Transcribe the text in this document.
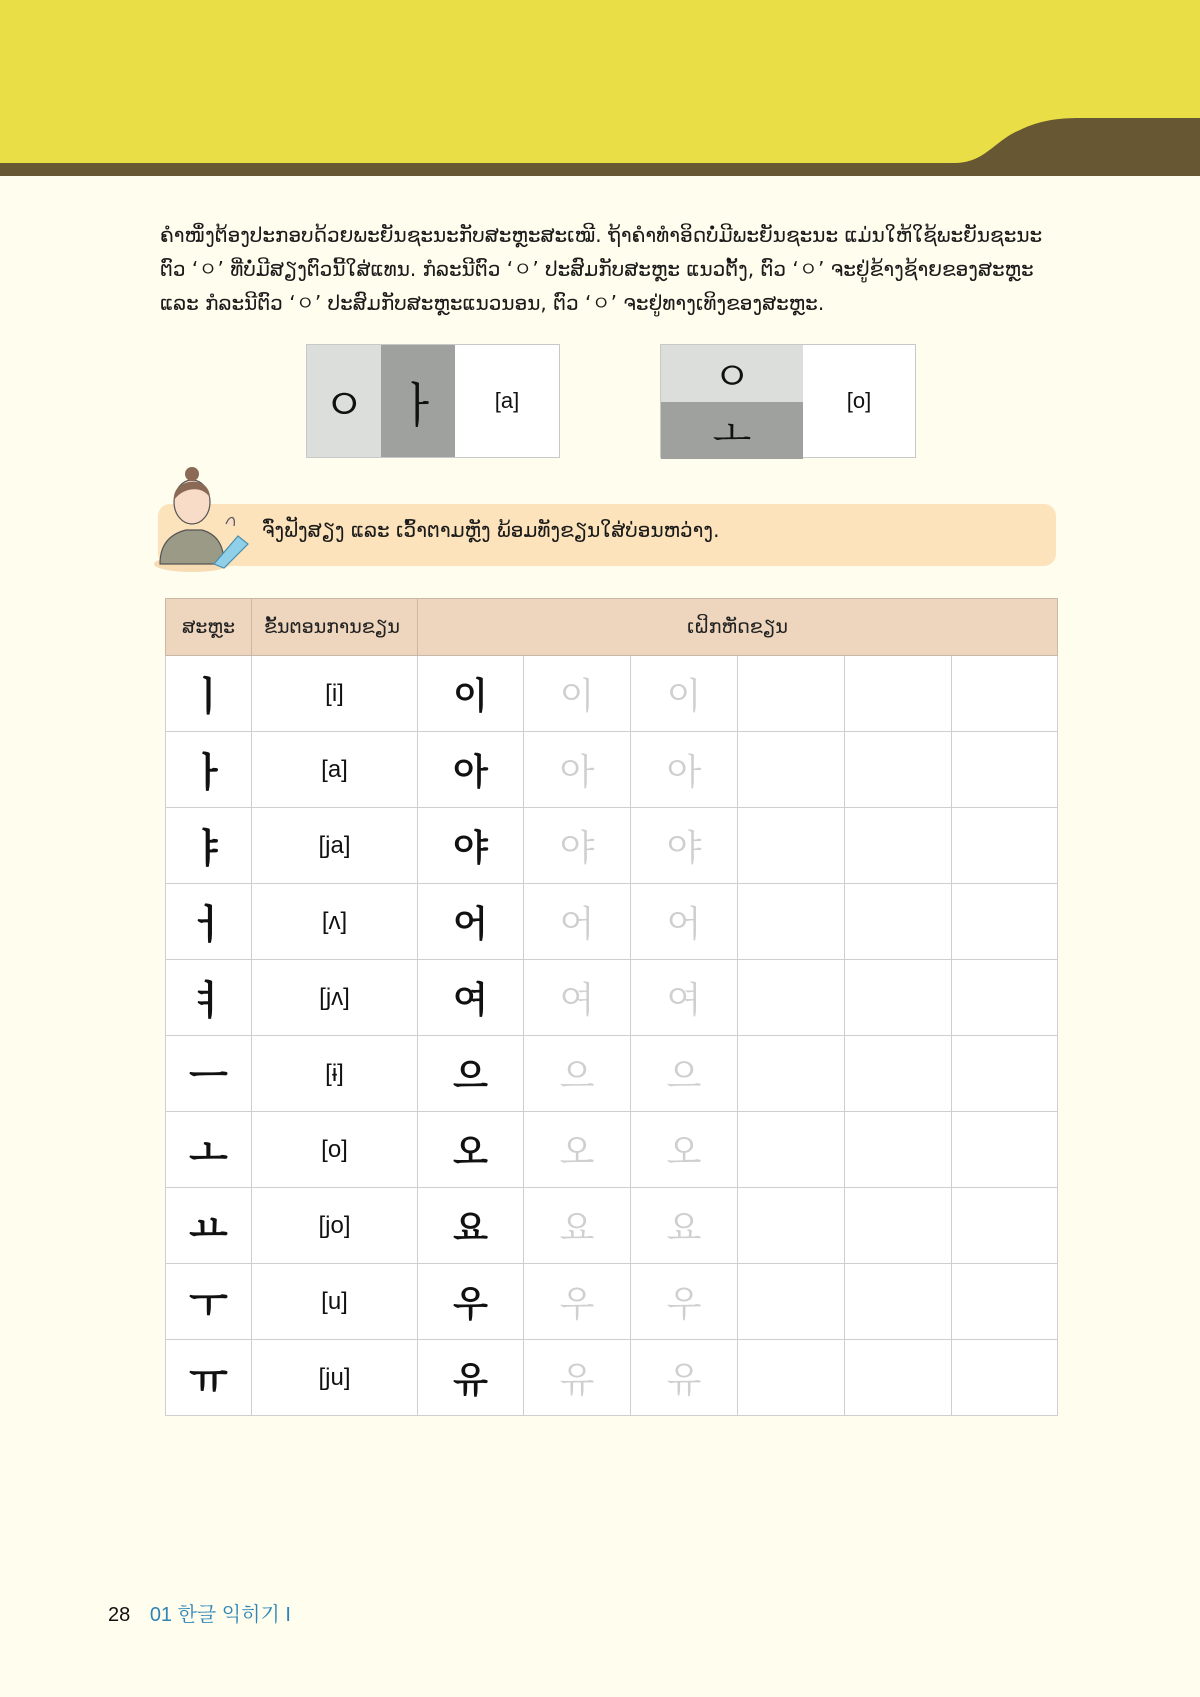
ຄຳໜຶ່ງຕ້ອງປະກອບດ້ວຍພະຍັນຊະນະກັບສະຫຼະສະເໝີ. ຖ້າຄຳທຳອິດບໍ່ມີພະຍັນຊະນະ ແມ່ນໃຫ້ໃຊ້ພະຍັນຊະນະຕົວ ‘ㅇ’ ທີ່ບໍ່ມີສຽງຕົວນີ້ໃສ່ແທນ. ກໍລະນີຕົວ ‘ㅇ’ ປະສົມກັບສະຫຼະ ແນວຕັ້ງ, ຕົວ ‘ㅇ’ ຈະຢູ່ຂ້າງຊ້າຍຂອງສະຫຼະ ແລະ ກໍລະນີຕົວ ‘ㅇ’ ປະສົມກັບສະຫຼະແນວນອນ, ຕົວ ‘ㅇ’ ຈະຢູ່ທາງເທິງຂອງສະຫຼະ.

ㅇ ㅏ	[a]
ㅇ
ㅗ
[o]
ຈົ່ງຟັງສຽງ ແລະ ເວົ້າຕາມຫຼັງ ພ້ອມທັງຂຽນໃສ່ບ່ອນຫວ່າງ.
ສະຫຼະ	ຂັ້ນຕອນການຂຽນ	ເຝິກຫັດຂຽນ					
ㅣ	[i]	이	이	이			
ㅏ	[a]	아	아	아			
ㅑ	[ja]	야	야	야			
ㅓ	[ʌ]	어	어	어			
ㅕ	[jʌ]	여	여	여			
ㅡ	[ɨ]	으	으	으			
ㅗ	[o]	오	오	오			
ㅛ	[jo]	요	요	요			
ㅜ	[u]	우	우	우			
ㅠ	[ju]	유	유	유			
28 01 한글 익히기 I
